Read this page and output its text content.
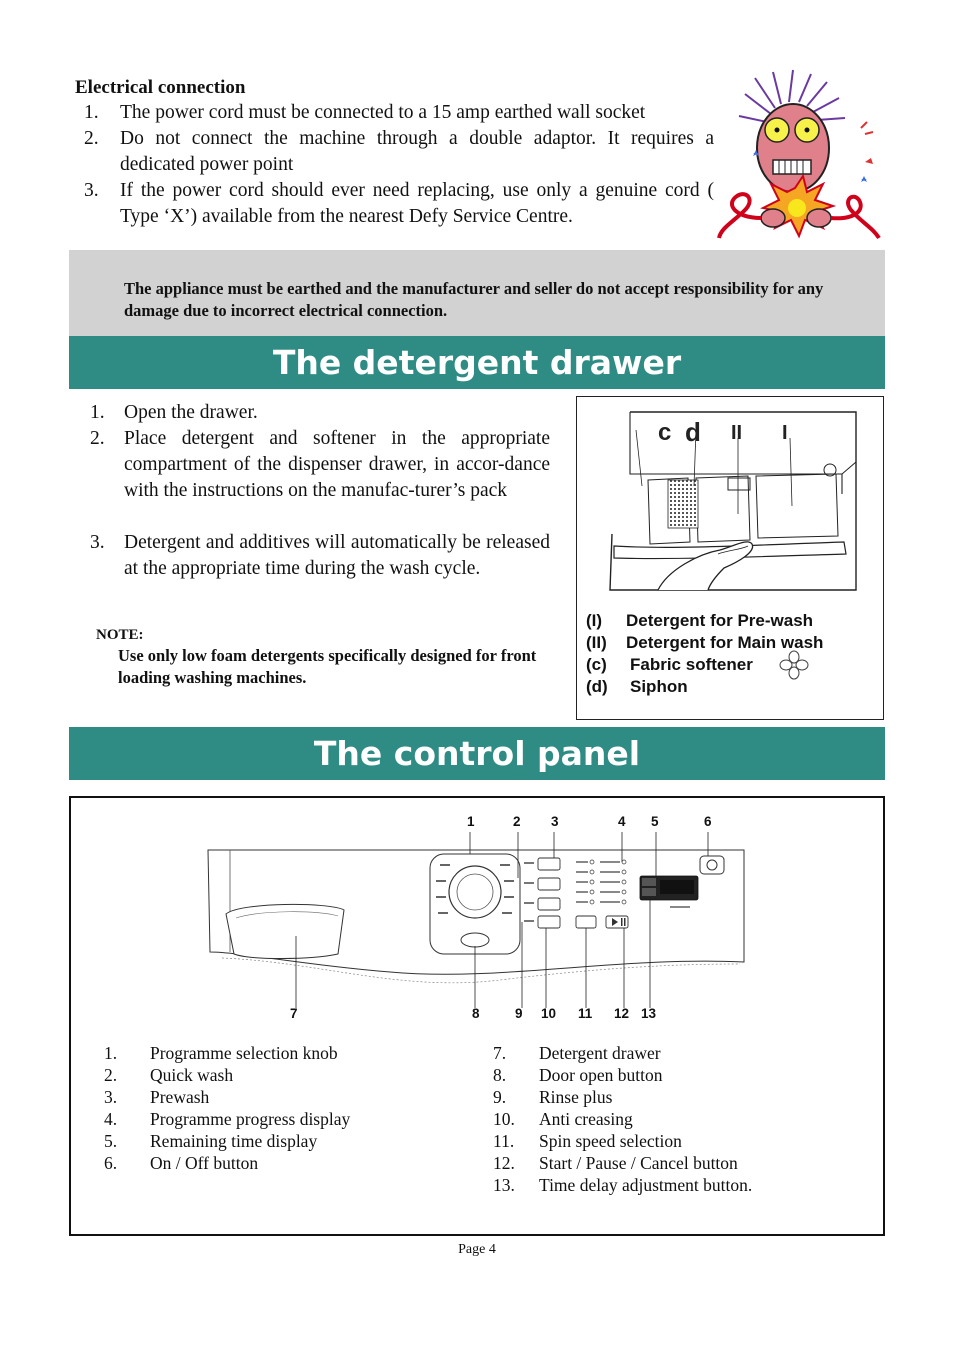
Electrical connection
1. The power cord must be connected to a 15 amp earthed wall socket
2. Do not connect the machine through a double adaptor. It requires a dedicated power point
3. If the power cord should ever need replacing, use only a genuine cord ( Type ‘X’) available from the nearest Defy Service Centre.
The appliance must be earthed and the manufacturer and seller do not accept responsibility for any damage due to incorrect electrical connection.
The detergent drawer
1. Open the drawer.
2. Place detergent and softener in the appropriate compartment of the dispenser drawer, in accor-dance with the instructions on the manufac-turer’s pack
3. Detergent and additives will automatically be released at the appropriate time during the wash cycle.
NOTE:
Use only low foam detergents specifically designed for front loading washing machines.
c d II I
(I) Detergent for Pre-wash
(II) Detergent for Main wash
(c) Fabric softener
(d) Siphon
The control panel
1	2 3	4 5	6
7	8	9 10 11 12 13
1. Programme selection knob
2. Quick wash
3. Prewash
4. Programme progress display
5. Remaining time display
6. On / Off button
7. Detergent drawer
8. Door open button
9. Rinse plus
10. Anti creasing
11. Spin speed selection
12. Start / Pause / Cancel button
13. Time delay adjustment button.
Page 4
